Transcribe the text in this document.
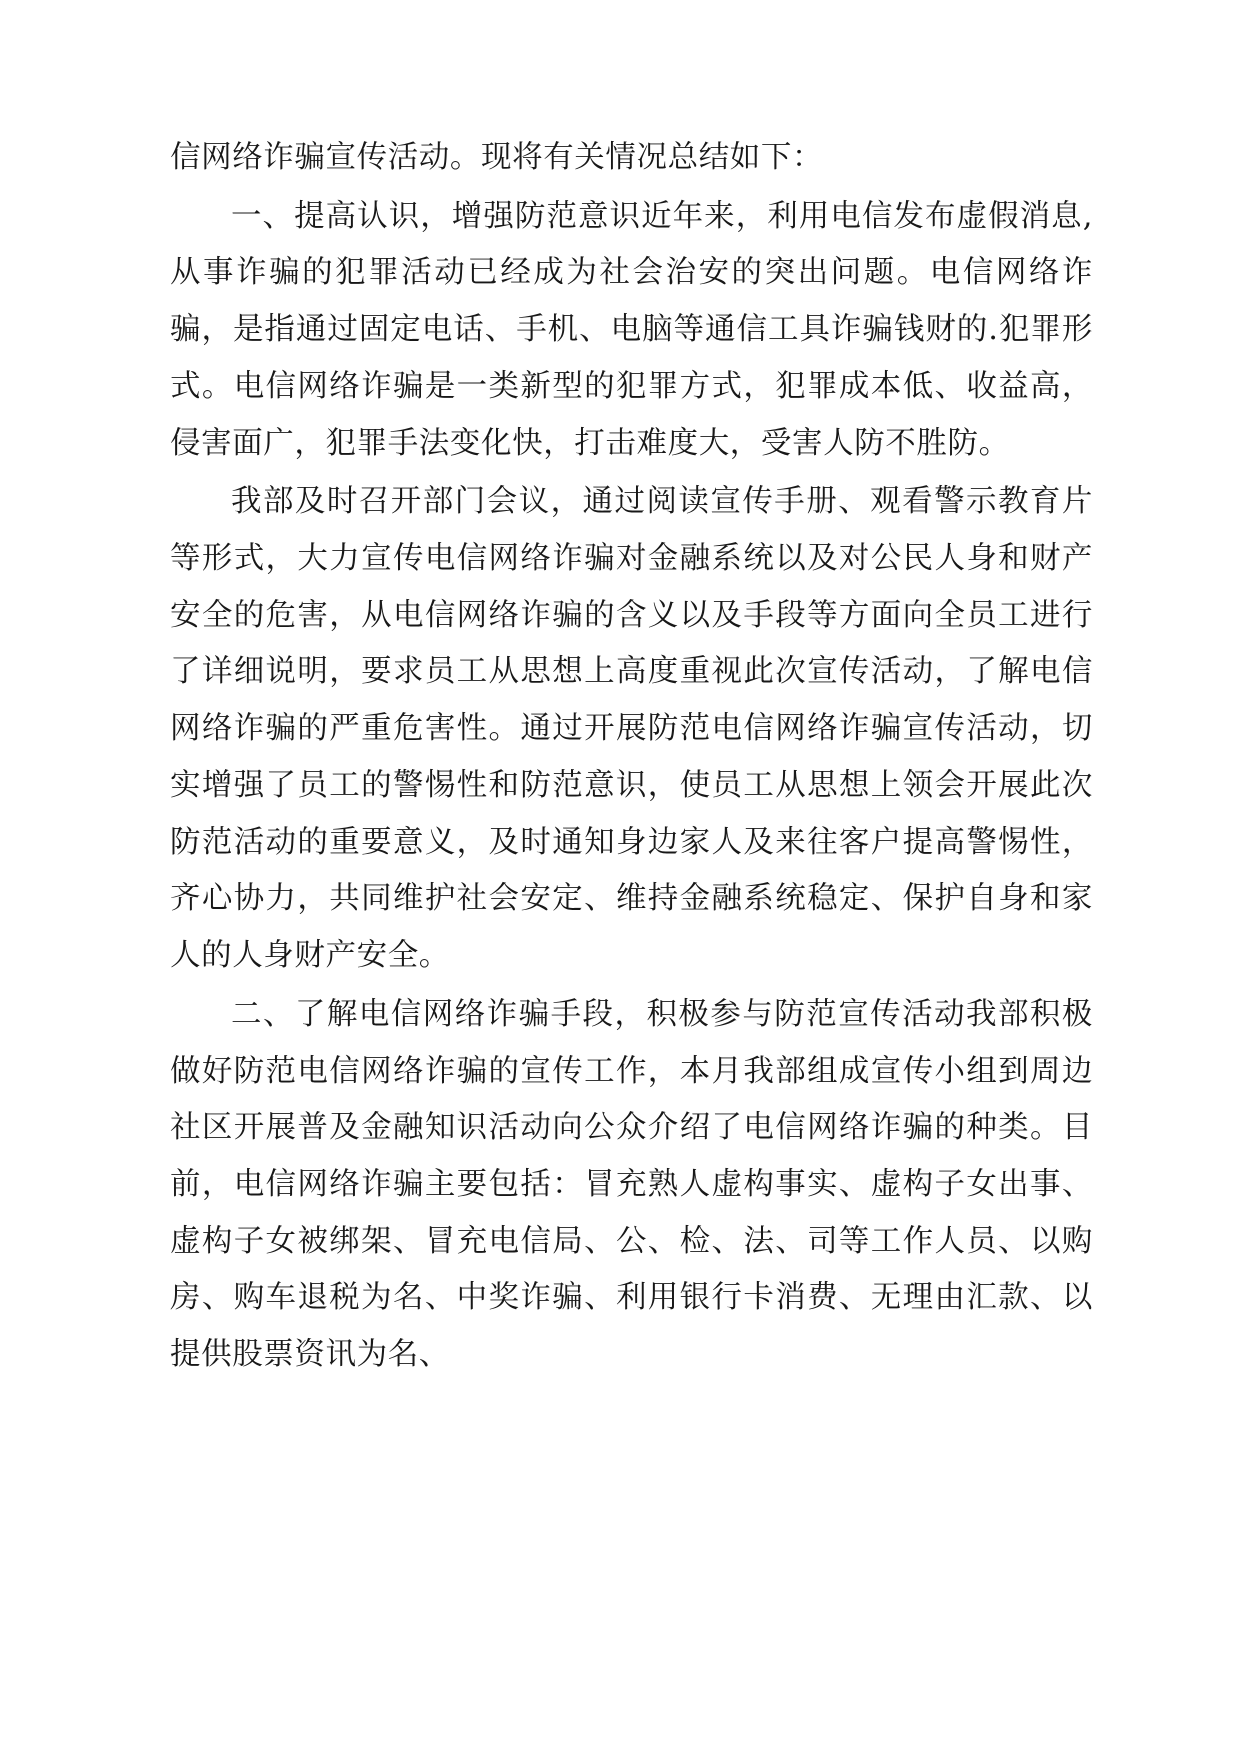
信网络诈骗宣传活动。现将有关情况总结如下：

一、提高认识，增强防范意识近年来，利用电信发布虚假消息,从事诈骗的犯罪活动已经成为社会治安的突出问题。电信网络诈骗，是指通过固定电话、手机、电脑等通信工具诈骗钱财的.犯罪形式。电信网络诈骗是一类新型的犯罪方式，犯罪成本低、收益高，侵害面广，犯罪手法变化快，打击难度大，受害人防不胜防。

我部及时召开部门会议，通过阅读宣传手册、观看警示教育片等形式，大力宣传电信网络诈骗对金融系统以及对公民人身和财产安全的危害，从电信网络诈骗的含义以及手段等方面向全员工进行了详细说明，要求员工从思想上高度重视此次宣传活动，了解电信网络诈骗的严重危害性。通过开展防范电信网络诈骗宣传活动，切实增强了员工的警惕性和防范意识，使员工从思想上领会开展此次防范活动的重要意义，及时通知身边家人及来往客户提高警惕性，齐心协力，共同维护社会安定、维持金融系统稳定、保护自身和家人的人身财产安全。

二、了解电信网络诈骗手段，积极参与防范宣传活动我部积极做好防范电信网络诈骗的宣传工作，本月我部组成宣传小组到周边社区开展普及金融知识活动向公众介绍了电信网络诈骗的种类。目前，电信网络诈骗主要包括：冒充熟人虚构事实、虚构子女出事、虚构子女被绑架、冒充电信局、公、检、法、司等工作人员、以购房、购车退税为名、中奖诈骗、利用银行卡消费、无理由汇款、以提供股票资讯为名、
